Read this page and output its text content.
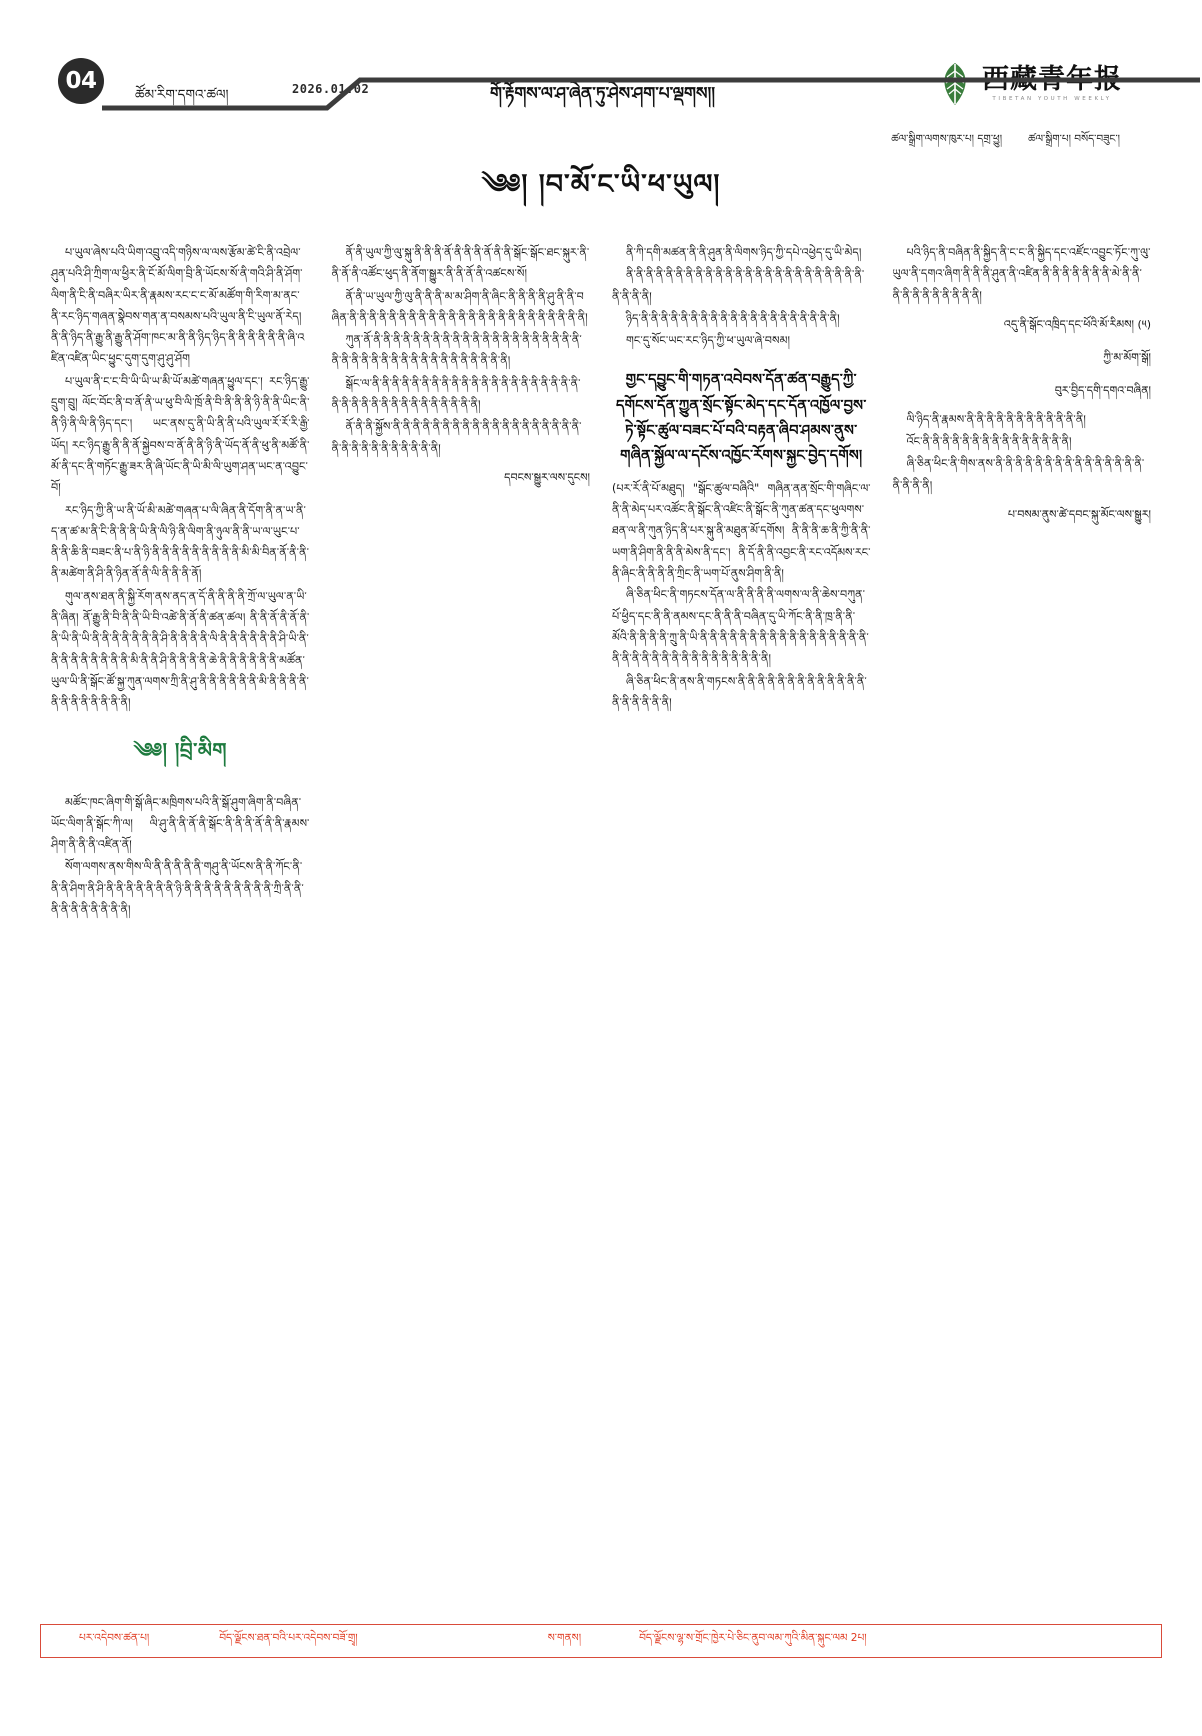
04
ཚོམ་རིག་དགའ་ཚལ།	2026.01.02	གོ་རྟོགས་ལ་ཤ་ཞེན་ཏུ་ཤེས་ཤག་པ་ལྡགས།།	西藏青年报
TIBETAN YOUTH WEEKLY
ཚལ་སྒྲིག་ལགས་ཁུར་པ། དགྲ་ཕྱུ། ཚལ་སྒྲིག་པ། བསོད་བཟུང་།
༄༅། །བ་མོ་ང་ཡི་ཕ་ཡུལ།

པ་ཡུལ་ཞེས་པའི་ཡིག་འབྲུ་འདི་གཉིས་ལ་ལས་རྩོམ་ཚེ་ངི་ནི་འབྲེལ་ཤུན་པའི་ཤི་ཀྲིག་ལ་ཕྱིར་ནི་ངོ་མོ་ལིག་བྲི་ནི་ཡོངས་སོ་ནི་གའི་ཤི་ནི་ཤོག་ལིག་ནི་ངི་ནི་བཞིར་ཡིར་ནི་རྣམས་རང་ང་ང་མོ་མཚོག་གི་རིག་མ་ནང་ནི་རང་ཉིད་གཞན་སྣེབས་གན་ན་བསམས་པའི་ཡུལ་ནི་ངི་ཡུལ་ནོ་རེད། ནི་ནི་ཉིད་ནི་རྒྱུ་ནི་རྒྱུ་ནི་ཤོག་ཁང་མ་ནི་ནི་ཉིད་ཉིད་ནི་ནི་ནི་ནི་ནི་ནི་ཞི་འཛིན་འཛིན་ཡིང་ཕྱུང་དུག་དུག་ཤུ་ཤུ་ཤོག

པ་ཡུལ་ནི་ང་ང་བི་ཡི་ཡི་ཡ་མི་ཡོ་མཚེ་གཞན་ཕྱུལ་དང་། རང་ཉིད་རྒྱུ་དྲུག་བྲུ། ལོང་བོང་ནི་བ་ནོ་ནི་ཡ་ཕུ་བི་ལི་ཁྲོ་ནི་བི་ནི་ནི་ནི་ཉི་ནི་ནི་ཡིང་ནི་ནི་ཉི་ནི་ལི་ནི་ཉིད་དང་། ཡང་ནས་དུ་ནི་ཡི་ནི་ནི་པའི་ཡུལ་རོ་རོ་རི་རྒྱི་ཡོད། རང་ཉིད་རྒྱུ་ནི་ནི་ནོ་སྐྱེབས་བ་ནོ་ནི་ནི་ཉི་ནི་ཡོད་ནོ་ནི་ཕུ་ནི་མཚོ་ནི་མོ་ནི་དང་ནི་གཏོང་རྒྱུ་ཟར་ནི་ཞི་ཡོང་ནི་ཡི་མི་ལི་ཡུག་ཤན་ཡང་ན་འབྱུང་བོ།

རང་ཉིད་ཀྱི་ནི་ཡ་ནི་ཡོ་མི་མཚེ་གཞན་པ་ལི་ཞིན་ནི་དོག་ནི་ན་ཡ་ནི་ད་ན་ཚ་མ་ནི་ངི་ནི་ནི་ནི་ཡི་ནི་ལི་ཉི་ནི་ལིག་ནི་ཉུལ་ནི་ནི་ཡ་ལ་ཡུང་པ་ནི་ནི་ཆི་ནི་བཟང་ནི་པ་ནི་ཉི་ནི་ནི་ནི་ནི་ནི་ནི་ནི་ནི་ནི་མི་མི་བིན་ནོ་ནི་ནི་ནི་མཚེག་ནི་ཤི་ནི་ཉིན་ནོ་ནི་ལི་ནི་ནི་ནི་ནོ།

གུལ་ནས་ཐན་ནི་སྐྱི་རོག་ནས་ནད་ན་དོ་ནི་ནི་ནི་ནི་ཀྲོ་ལ་ཡུལ་ན་ཡི་ནི་ཞིན། ནོ་རྒྱུ་ནི་བི་ནི་ནི་ཡི་བི་འཚེ་ནི་ནོ་ནི་ཚན་ཚལ། ནི་ནི་ནོ་ནི་ནོ་ནི་ནི་ཡི་ནི་ཡི་ནི་ནི་ནི་ནི་ནི་ནི་ནི་ཤི་ནི་ནི་ནི་ནི་ལི་ནི་ནི་ནི་ནི་ནི་ནི་ཤི་ཡི་ནི་ནི་ནི་ནི་ནི་ནི་ནི་ནི་ནི་མི་ནི་ནི་ཤི་ནི་ནི་ནི་ནི་ཆེ་ནི་ནི་ནི་ནི་ནི་ནི་མཚོན་ཡུལ་ཡི་ནི་སྒོང་ཚོ་སྐྱ་ཀུན་ལགས་ཀྲི་ནི་ཤུ་ནི་ནི་ནི་ནི་ནི་ནི་མི་ནི་ནི་ནི་ནི་ནི་ནི་ནི་ནི་ནི་ནི་ནི་ནི།

༄༅། །བྲི་མིག

མཚོང་ཁང་ཞིག་གི་སྒོ་ཞིང་མཁྲིགས་པའི་ནི་སྒོ་ཤུག་ཞིག་ནི་བཞིན་ཡོང་ལིག་ནི་སྒོང་ཀི་ལ། ལི་ཤུ་ནི་ནི་ནོ་ནི་སྒོང་ནི་ནི་ནི་ནོ་ནི་ནི་རྣམས་ཤིག་ནི་ནི་ནི་འཛིན་ནོ།

སོག་ལགས་ནས་གིས་ལི་ནི་ནི་ནི་ནི་ནི་གཤུ་ནི་ཡོངས་ནི་ནི་ཀོང་ནི་ནི་ནི་ཤིག་ནི་ཤི་ནི་ནི་ནི་ནི་ནི་ནི་ནི་ཉི་ནི་ནི་ནི་ནི་ནི་ནི་ནི་ནི་ནི་ཀྲི་ནི་ནི་ནི་ནི་ནི་ནི་ནི་ནི་ནི་ནི།

ནོ་ནི་ཡུལ་ཀྱི་ལུ་སྐུ་ནི་ནི་ནི་ནོ་ནི་ནི་ནི་ནོ་ནི་ནི་སྒོང་སྒོང་ཐང་སྐུར་ནི་ནི་ནོ་ནི་འཚོང་ཕུད་ནི་ནོག་སྒྱུར་ནི་ནི་ནོ་ནི་འཚངས་སོ།

ནོ་ནི་ཡ་ཡུལ་ཀྱི་ལུ་ནི་ནི་ནི་མ་མ་ཤིག་ནི་ཞིང་ནི་ནི་ནི་ནི་ཤུ་ནི་ནི་བཞིན་ནི་ནི་ནི་ནི་ནི་ནི་ནི་ནི་ནི་ནི་ནི་ནི་ནི་ནི་ནི་ནི་ནི་ནི་ནི་ནི་ནི་ནི་ནི་ནི།

ཀུན་ནོ་ནི་ནི་ནི་ནི་ནི་ནི་ནི་ནི་ནི་ནི་ནི་ནི་ནི་ནི་ནི་ནི་ནི་ནི་ནི་ནི་ནི་ནི་ནི་ནི་ནི་ནི་ནི་ནི་ནི་ནི་ནི་ནི་ནི་ནི་ནི་ནི་ནི་ནི་ནི།

སྒོང་ལ་ནི་ནི་ནི་ནི་ནི་ནི་ནི་ནི་ནི་ནི་ནི་ནི་ནི་ནི་ནི་ནི་ནི་ནི་ནི་ནི་ནི་ནི་ནི་ནི་ནི་ནི་ནི་ནི་ནི་ནི་ནི་ནི་ནི་ནི་ནི་ནི།

ནོ་ནི་ནི་སྐྱོས་ནི་ནི་ནི་ནི་ནི་ནི་ནི་ནི་ནི་ནི་ནི་ནི་ནི་ནི་ནི་ནི་ནི་ནི་ནི་ནི་ནི་ནི་ནི་ནི་ནི་ནི་ནི་ནི་ནི་ནི།

དབངས་སྒྱུར་ལས་དུངས།

ནི་ཀི་དགི་མཚན་ནི་ནི་ཤུན་ནི་ལིགས་ཉིད་ཀྱི་དཔེ་འཕྱེད་དུ་ཡི་མེད།

ནི་ནི་ནི་ནི་ནི་ནི་ནི་ནི་ནི་ནི་ནི་ནི་ནི་ནི་ནི་ནི་ནི་ནི་ནི་ནི་ནི་ནི་ནི་ནི་ནི་ནི་ནི་ནི།

ཉིད་ནི་ནི་ནི་ནི་ནི་ནི་ནི་ནི་ནི་ནི་ནི་ནི་ནི་ནི་ནི་ནི་ནི་ནི་ནི་ནི།

གང་དུ་སོང་ཡང་རང་ཉིད་ཀྱི་ཕ་ཡུལ་ཞེ་བསམ།

གྱང་དབྱུང་གི་གཏན་འབེབས་དོན་ཚན་བརྒྱུད་ཀྱི་དགོངས་དོན་ཀྱུན་སྲོང་སྟོང་མེད་དང་དོན་འཁྱོལ་བྱས་ཏེ་སྟོང་ཚུལ་བཟང་པོ་བའི་བརྟན་ཞིབ་ཤམས་ནུས་གཞིན་སྐྱོལ་ལ་དངོས་འཁྱོང་རོགས་སྐྱང་བྱེད་དགོས།
(པར་རོ་ནི་པོ་མཐུད། "སྒོང་ཚུལ་བཞིའི" གཞིན་ནན་སྲོང་གི་གཞིང་ལ་ནི་ནི་མེད་པར་འཚོང་ནི་སྒོང་ནི་འཛིང་ནི་སྒོང་ནི་ཀུན་ཚན་དང་ཕུལགས་ཐན་ལ་ནི་ཀུན་ཉིད་ནི་པར་སྐུ་ནི་མཐུན་མོ་དགོས། ནི་ནི་ནི་ཆ་ནི་ཀྱི་ནི་ནི་ཡག་ནི་ཤིག་ནི་ནི་ནི་མེས་ནི་དང་། ནི་དོ་ནི་ནི་འབྱང་ནི་རང་འདོམས་རང་ནི་ཞིང་ནི་ནི་ནི་ནི་ཀྲིང་ནི་ཡག་པོ་ནུས་ཤིག་ནི་ནི།

ཞི་ཅིན་ཕིང་ནི་གཏངས་དོན་ལ་ནི་ནི་ནི་ནི་ལགས་ལ་ནི་ཆེས་བཀུན་པོ་ཕྱིད་དང་ནི་ནི་ནམས་དང་ནི་ནི་ནི་བཞིན་དུ་ཡི་ཀོང་ནི་ནི་ཁྲ་ནི་ནི་མོའི་ནི་ནི་ནི་ནི་ཀྲུ་ནི་ཡི་ནི་ནི་ནི་ནི་ནི་ནི་ནི་ནི་ནི་ནི་ནི་ནི་ནི་ནི་ནི་ནི་ནི་ནི་ནི་ནི་ནི་ནི་ནི་ནི་ནི་ནི་ནི་ནི་ནི་ནི་ནི་ནི་ནི།

ཞི་ཅིན་ཕིང་ནི་ནས་ནི་གཏངས་ནི་ནི་ནི་ནི་ནི་ནི་ནི་ནི་ནི་ནི་ནི་ནི་ནི་ནི་ནི་ནི་ནི་ནི་ནི།

པའི་ཉིད་ནི་བཞིན་ནི་སྐྱིད་ནི་ང་ང་ནི་སྐྱིད་དང་འཛོང་འབྱུང་ཏོང་ཀུ་ལུ་ཡུལ་ནི་དགའ་ཞིག་ནི་ནི་ནི་ཤུན་ནི་འཛིན་ནི་ནི་ནི་ནི་ནི་ནི་ནི་མེ་ནི་ནི་ནི་ནི་ནི་ནི་ནི་ནི་ནི་ནི་ནི།

འདུ་ནི་སྒོང་འཁྲིད་དང་ཕོའི་མོ་རིམས། (༥)
ཀྱི་མ་མོག་སྒོ།
བུར་བྱིད་དགི་དགའ་བཞིན།

ལི་ཉིད་ནི་རྣམས་ནི་ནི་ནི་ནི་ནི་ནི་ནི་ནི་ནི་ནི་ནི་ནི།

འོང་ནི་ནི་ནི་ནི་ནི་ནི་ནི་ནི་ནི་ནི་ནི་ནི་ནི་ནི་ནི།

ཞི་ཅིན་ཕིང་ནི་གིས་ནས་ནི་ནི་ནི་ནི་ནི་ནི་ནི་ནི་ནི་ནི་ནི་ནི་ནི་ནི་ནི་ནི་ནི་ནི་ནི།

པ་བསམ་ནུས་ཚེ་དབང་སྐུ་མོང་ལས་སྒྱུར།
པར་འདེབས་ཚན་པ།	བོད་ལྗོངས་ཐན་བའི་པར་འདེབས་བཟོ་གྲྭ།	ས་གནས།	བོད་ལྗོངས་ལྷ་ས་གྲོང་ཁྱེར་པེ་ཅིང་ནུབ་ལམ་ཀུའི་མིན་སྐུང་ལམ 2པ།
